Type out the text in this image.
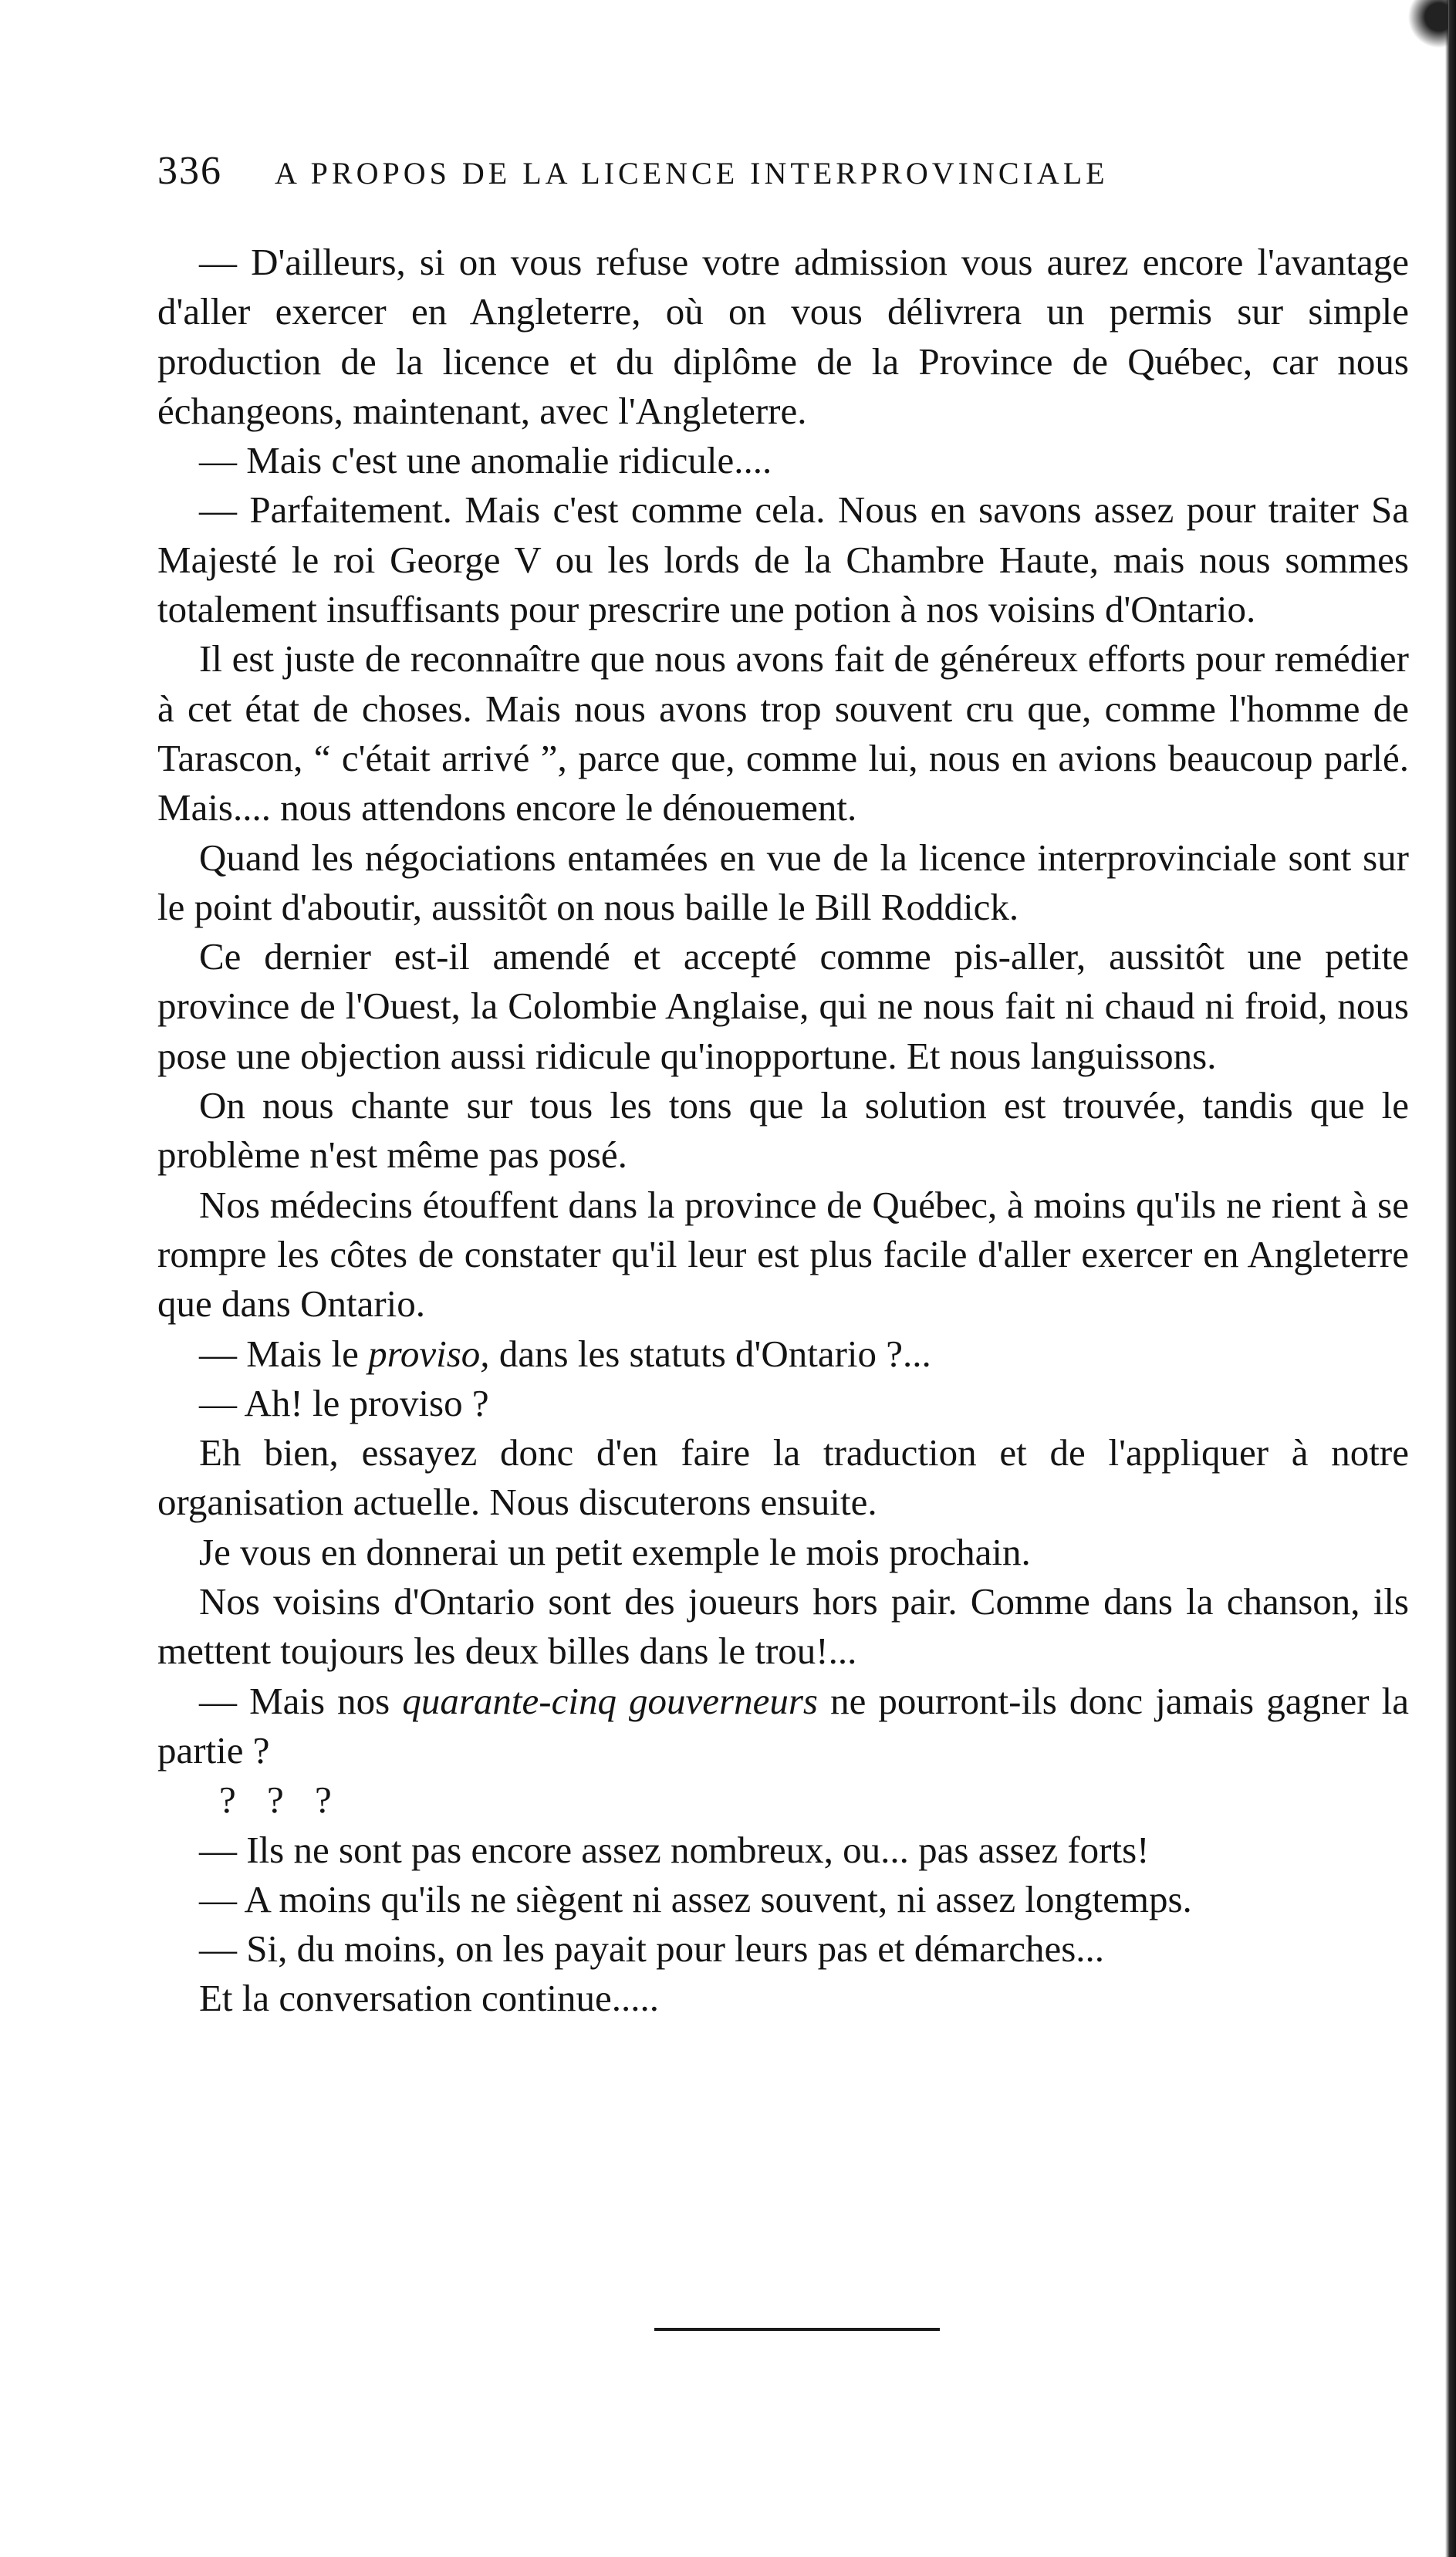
336 A PROPOS DE LA LICENCE INTERPROVINCIALE

— D'ailleurs, si on vous refuse votre admission vous aurez encore l'avantage d'aller exercer en Angleterre, où on vous délivrera un permis sur simple production de la licence et du diplôme de la Province de Québec, car nous échangeons, maintenant, avec l'Angleterre.

— Mais c'est une anomalie ridicule....

— Parfaitement. Mais c'est comme cela. Nous en savons assez pour traiter Sa Majesté le roi George V ou les lords de la Chambre Haute, mais nous sommes totalement insuffisants pour prescrire une potion à nos voisins d'Ontario.

Il est juste de reconnaître que nous avons fait de généreux efforts pour remédier à cet état de choses. Mais nous avons trop souvent cru que, comme l'homme de Tarascon, “ c'était arrivé ”, parce que, comme lui, nous en avions beaucoup parlé. Mais.... nous attendons encore le dénouement.

Quand les négociations entamées en vue de la licence interprovinciale sont sur le point d'aboutir, aussitôt on nous baille le Bill Roddick.

Ce dernier est-il amendé et accepté comme pis-aller, aussitôt une petite province de l'Ouest, la Colombie Anglaise, qui ne nous fait ni chaud ni froid, nous pose une objection aussi ridicule qu'inopportune. Et nous languissons.

On nous chante sur tous les tons que la solution est trouvée, tandis que le problème n'est même pas posé.

Nos médecins étouffent dans la province de Québec, à moins qu'ils ne rient à se rompre les côtes de constater qu'il leur est plus facile d'aller exercer en Angleterre que dans Ontario.

— Mais le proviso, dans les statuts d'Ontario ?...

— Ah! le proviso ?

Eh bien, essayez donc d'en faire la traduction et de l'appliquer à notre organisation actuelle. Nous discuterons ensuite.

Je vous en donnerai un petit exemple le mois prochain.

Nos voisins d'Ontario sont des joueurs hors pair. Comme dans la chanson, ils mettent toujours les deux billes dans le trou!...

— Mais nos quarante-cinq gouverneurs ne pourront-ils donc jamais gagner la partie ?

? ? ?

— Ils ne sont pas encore assez nombreux, ou... pas assez forts!

— A moins qu'ils ne siègent ni assez souvent, ni assez longtemps.

— Si, du moins, on les payait pour leurs pas et démarches...

Et la conversation continue.....
